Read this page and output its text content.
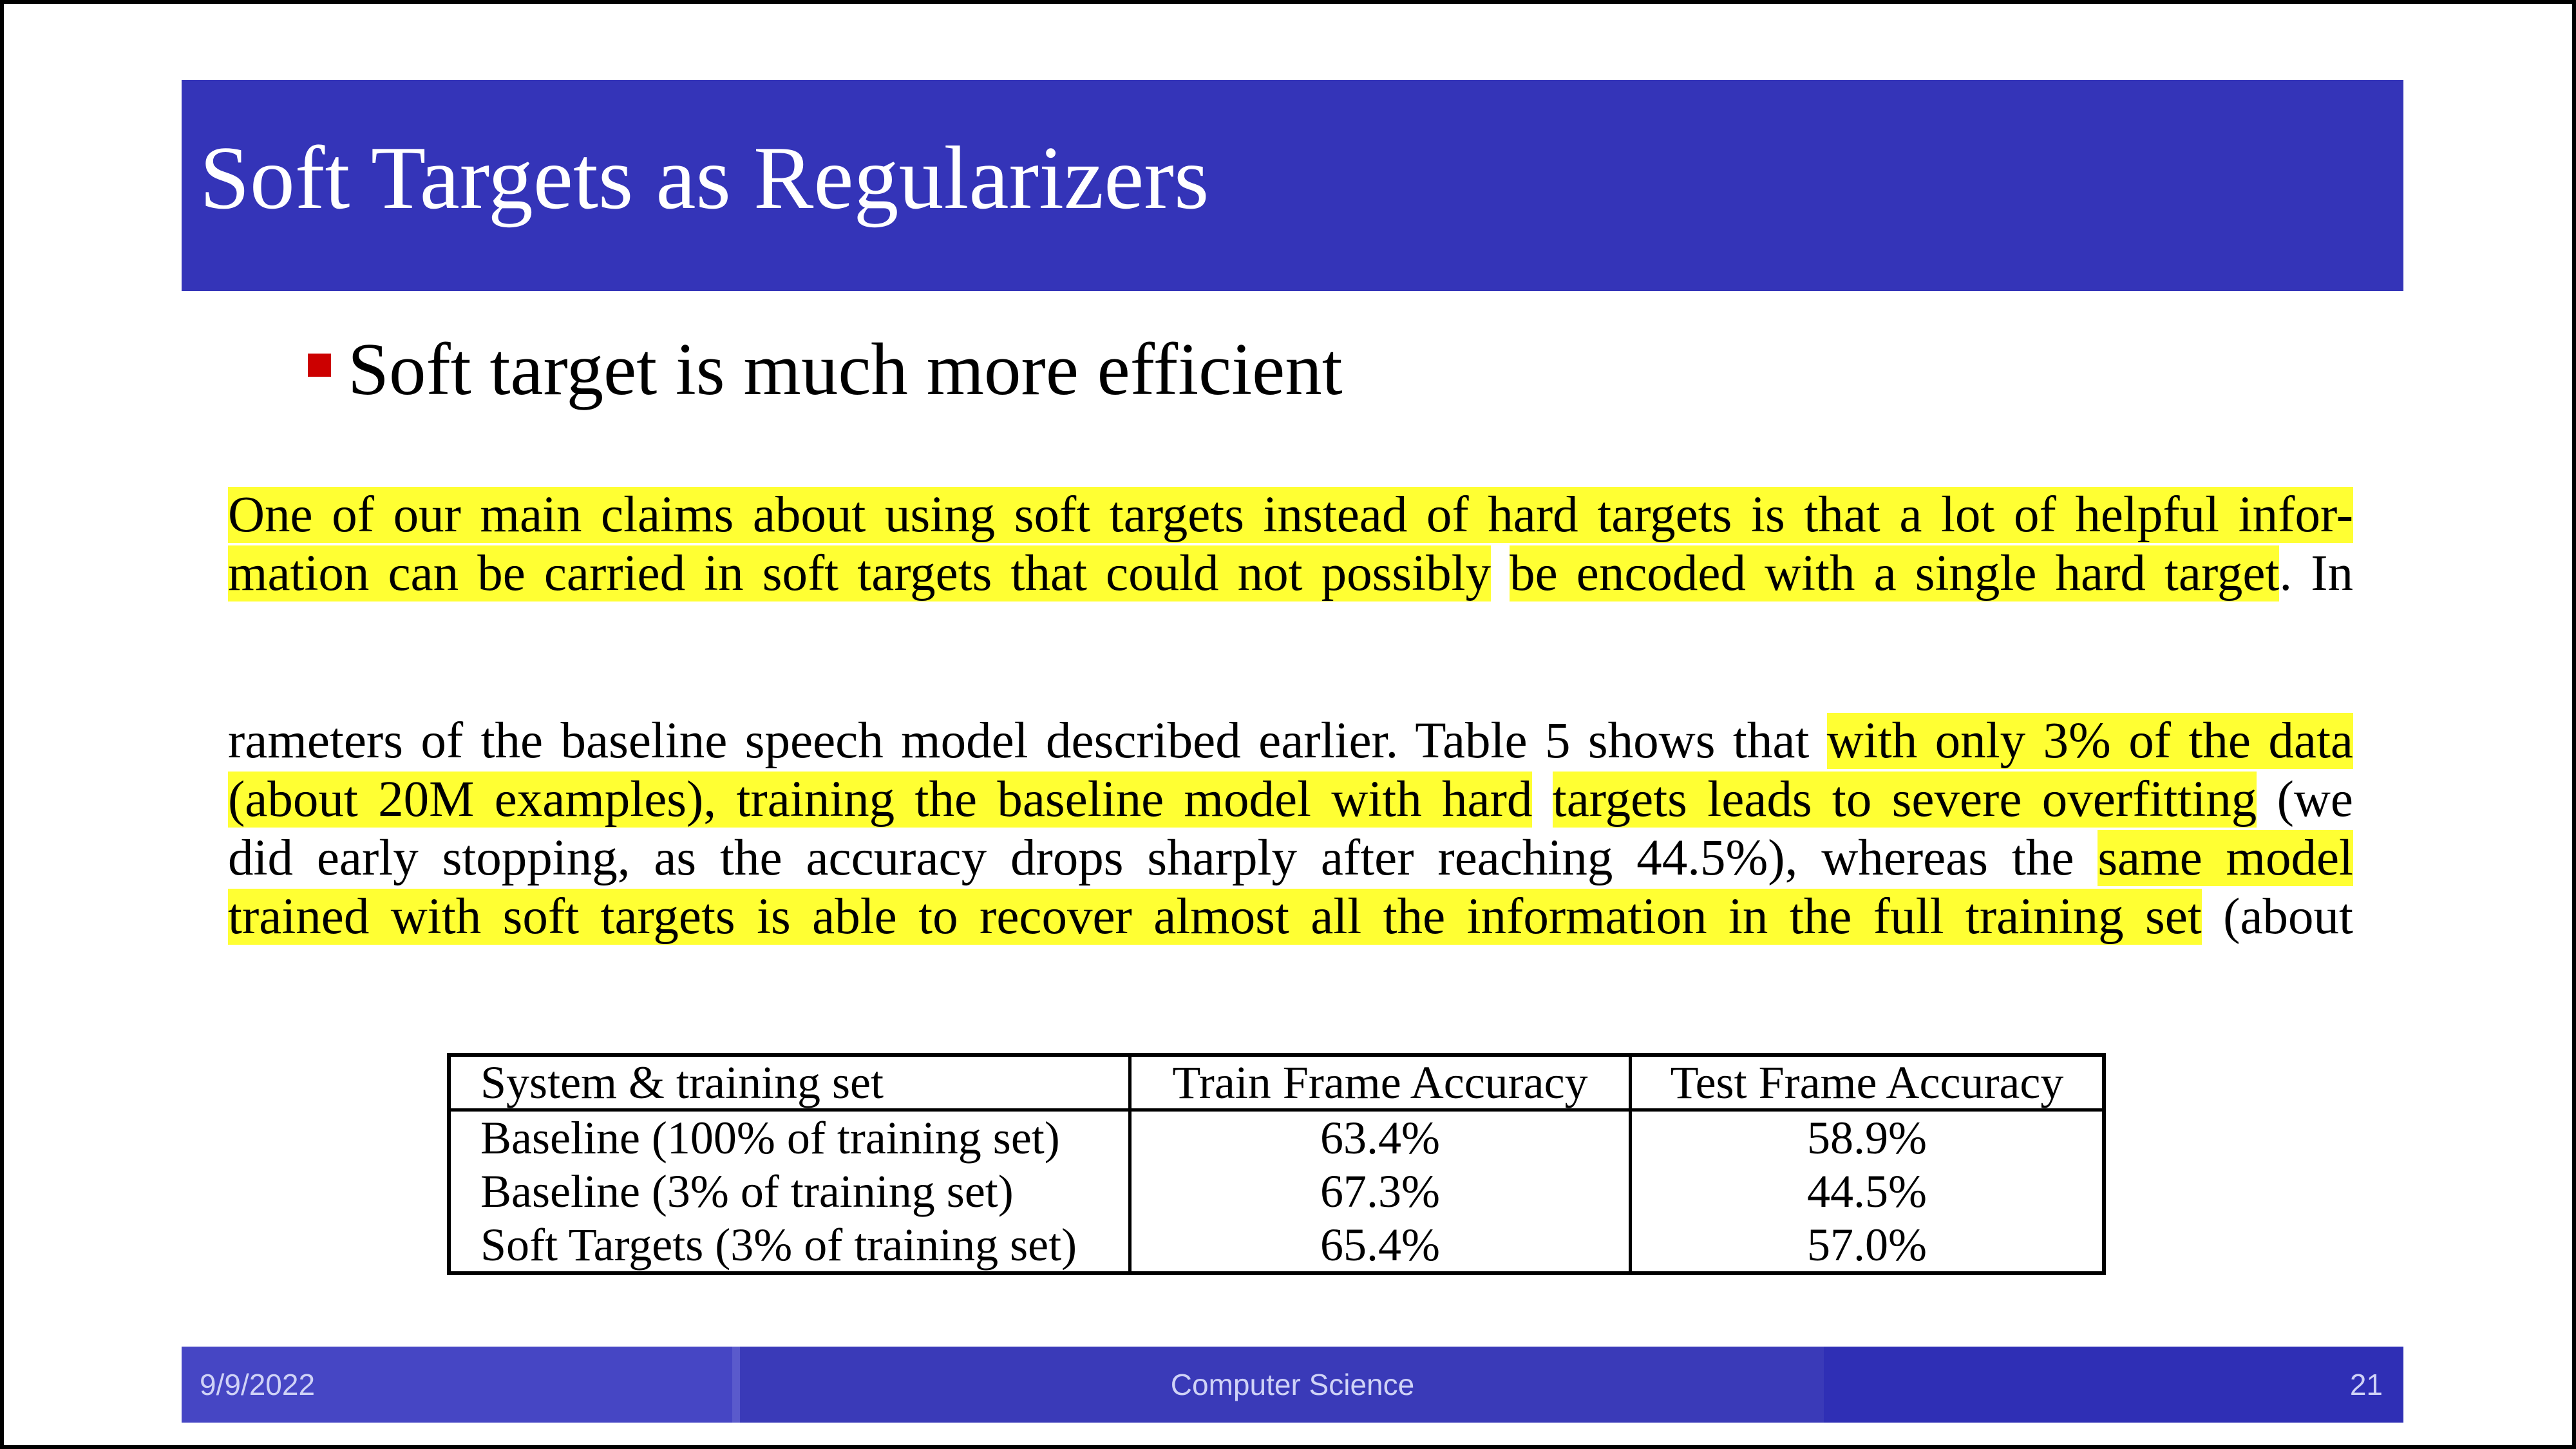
Soft Targets as Regularizers
Soft target is much more efficient
One of our main claims about using soft targets instead of hard targets is that a lot of helpful infor-
mation can be carried in soft targets that could not possibly be encoded with a single hard target. In
rameters of the baseline speech model described earlier. Table 5 shows that with only 3% of the data
(about 20M examples), training the baseline model with hard targets leads to severe overfitting (we
did early stopping, as the accuracy drops sharply after reaching 44.5%), whereas the same model
trained with soft targets is able to recover almost all the information in the full training set (about
System & training set	Train Frame Accuracy	Test Frame Accuracy
Baseline (100% of training set)	63.4%	58.9%
Baseline (3% of training set)	67.3%	44.5%
Soft Targets (3% of training set)	65.4%	57.0%
9/9/2022	Computer Science	21
